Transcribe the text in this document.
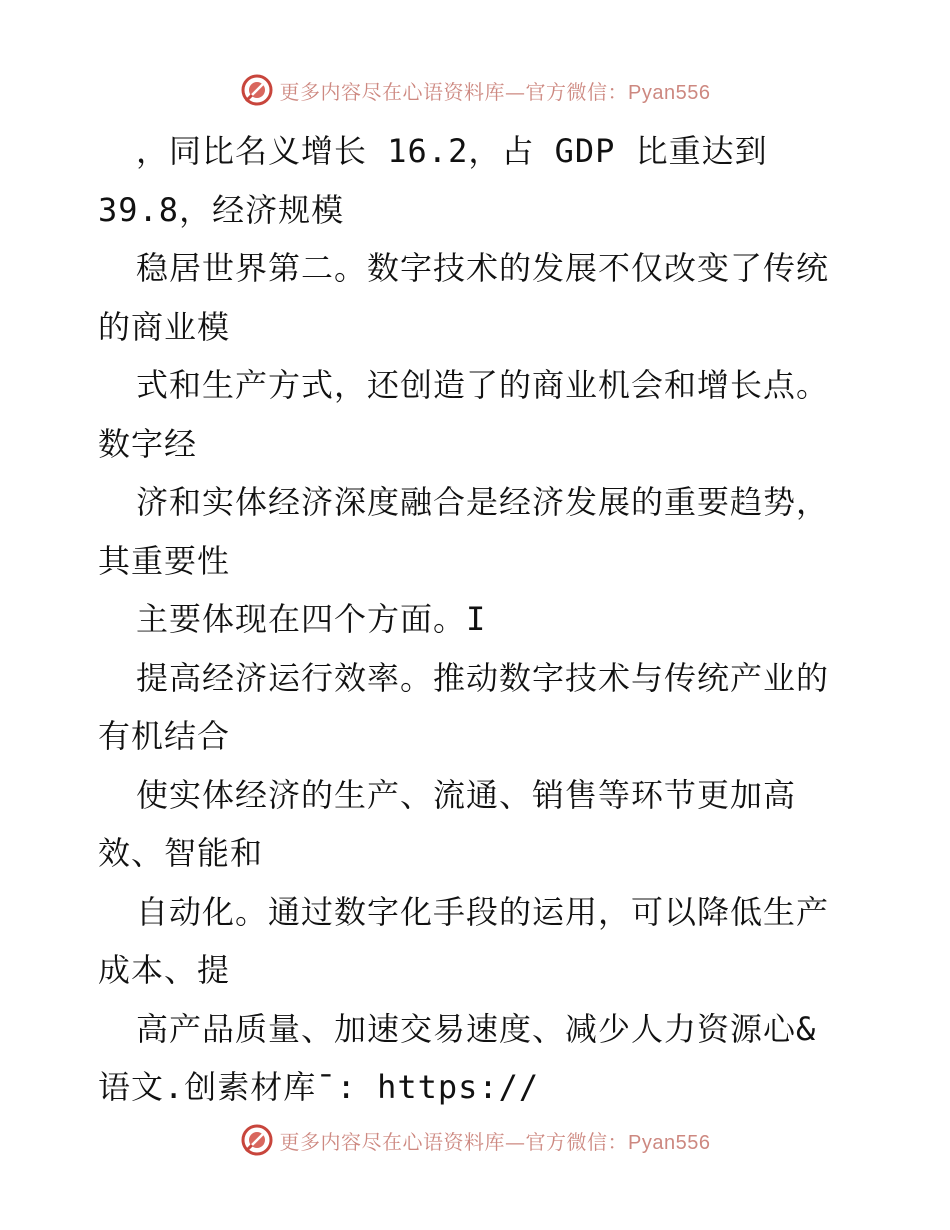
更多内容尽在心语资料库—官方微信：Pyan556
，同比名义增长 16.2，占 GDP 比重达到
39.8，经济规模
稳居世界第二。数字技术的发展不仅改变了传统
的商业模
式和生产方式，还创造了的商业机会和增长点。
数字经
济和实体经济深度融合是经济发展的重要趋势，
其重要性
主要体现在四个方面。I
提高经济运行效率。推动数字技术与传统产业的
有机结合
使实体经济的生产、流通、销售等环节更加高
效、智能和
自动化。通过数字化手段的运用，可以降低生产
成本、提
高产品质量、加速交易速度、减少人力资源心&
语文.创素材库¯: https://
更多内容尽在心语资料库—官方微信：Pyan556
